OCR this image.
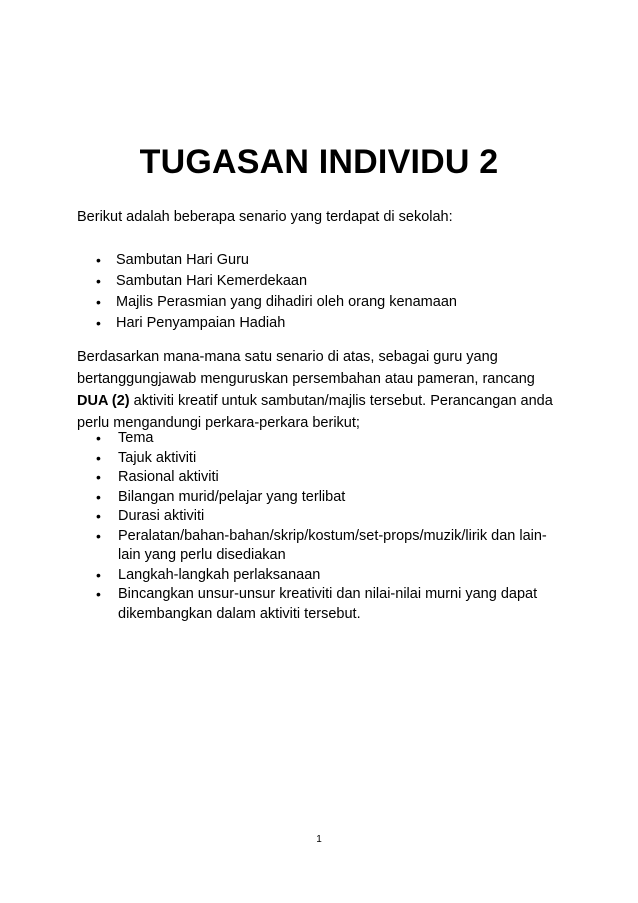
TUGASAN INDIVIDU 2

Berikut adalah beberapa senario yang terdapat di sekolah:

• Sambutan Hari Guru
• Sambutan Hari Kemerdekaan
• Majlis Perasmian yang dihadiri oleh orang kenamaan
• Hari Penyampaian Hadiah

Berdasarkan mana-mana satu senario di atas, sebagai guru yang bertanggungjawab menguruskan persembahan atau pameran, rancang DUA (2) aktiviti kreatif untuk sambutan/majlis tersebut. Perancangan anda perlu mengandungi perkara-perkara berikut;

• Tema
• Tajuk aktiviti
• Rasional aktiviti
• Bilangan murid/pelajar yang terlibat
• Durasi aktiviti
• Peralatan/bahan-bahan/skrip/kostum/set-props/muzik/lirik dan lain-lain yang perlu disediakan
• Langkah-langkah perlaksanaan
• Bincangkan unsur-unsur kreativiti dan nilai-nilai murni yang dapat dikembangkan dalam aktiviti tersebut.
1
